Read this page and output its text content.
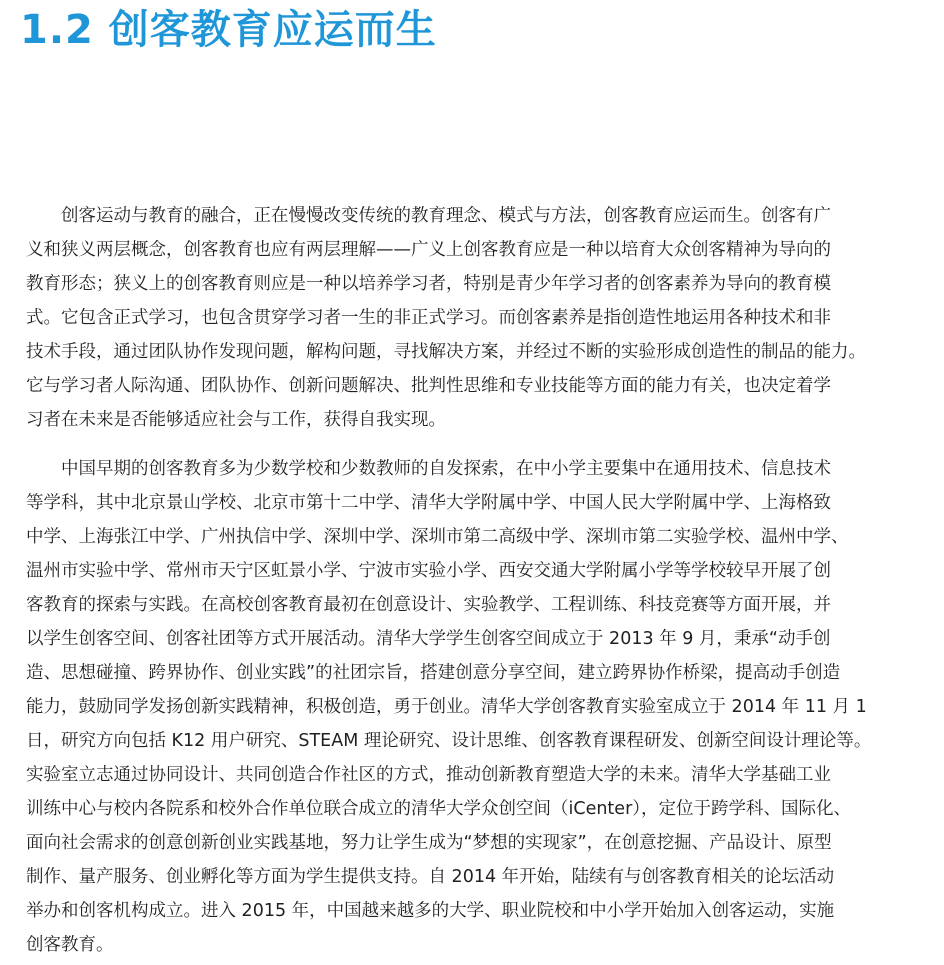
1.2 创客教育应运而生
创客运动与教育的融合，正在慢慢改变传统的教育理念、模式与方法，创客教育应运而生。创客有广
义和狭义两层概念，创客教育也应有两层理解——广义上创客教育应是一种以培育大众创客精神为导向的
教育形态；狭义上的创客教育则应是一种以培养学习者，特别是青少年学习者的创客素养为导向的教育模
式。它包含正式学习，也包含贯穿学习者一生的非正式学习。而创客素养是指创造性地运用各种技术和非
技术手段，通过团队协作发现问题，解构问题，寻找解决方案，并经过不断的实验形成创造性的制品的能力。
它与学习者人际沟通、团队协作、创新问题解决、批判性思维和专业技能等方面的能力有关，也决定着学
习者在未来是否能够适应社会与工作，获得自我实现。
中国早期的创客教育多为少数学校和少数教师的自发探索，在中小学主要集中在通用技术、信息技术
等学科，其中北京景山学校、北京市第十二中学、清华大学附属中学、中国人民大学附属中学、上海格致
中学、上海张江中学、广州执信中学、深圳中学、深圳市第二高级中学、深圳市第二实验学校、温州中学、
温州市实验中学、常州市天宁区虹景小学、宁波市实验小学、西安交通大学附属小学等学校较早开展了创
客教育的探索与实践。在高校创客教育最初在创意设计、实验教学、工程训练、科技竞赛等方面开展，并
以学生创客空间、创客社团等方式开展活动。清华大学学生创客空间成立于 2013 年 9 月，秉承“动手创
造、思想碰撞、跨界协作、创业实践”的社团宗旨，搭建创意分享空间，建立跨界协作桥梁，提高动手创造
能力，鼓励同学发扬创新实践精神，积极创造，勇于创业。清华大学创客教育实验室成立于 2014 年 11 月 1
日，研究方向包括 K12 用户研究、STEAM 理论研究、设计思维、创客教育课程研发、创新空间设计理论等。
实验室立志通过协同设计、共同创造合作社区的方式，推动创新教育塑造大学的未来。清华大学基础工业
训练中心与校内各院系和校外合作单位联合成立的清华大学众创空间（iCenter），定位于跨学科、国际化、
面向社会需求的创意创新创业实践基地，努力让学生成为“梦想的实现家”，在创意挖掘、产品设计、原型
制作、量产服务、创业孵化等方面为学生提供支持。自 2014 年开始，陆续有与创客教育相关的论坛活动
举办和创客机构成立。进入 2015 年，中国越来越多的大学、职业院校和中小学开始加入创客运动，实施
创客教育。
